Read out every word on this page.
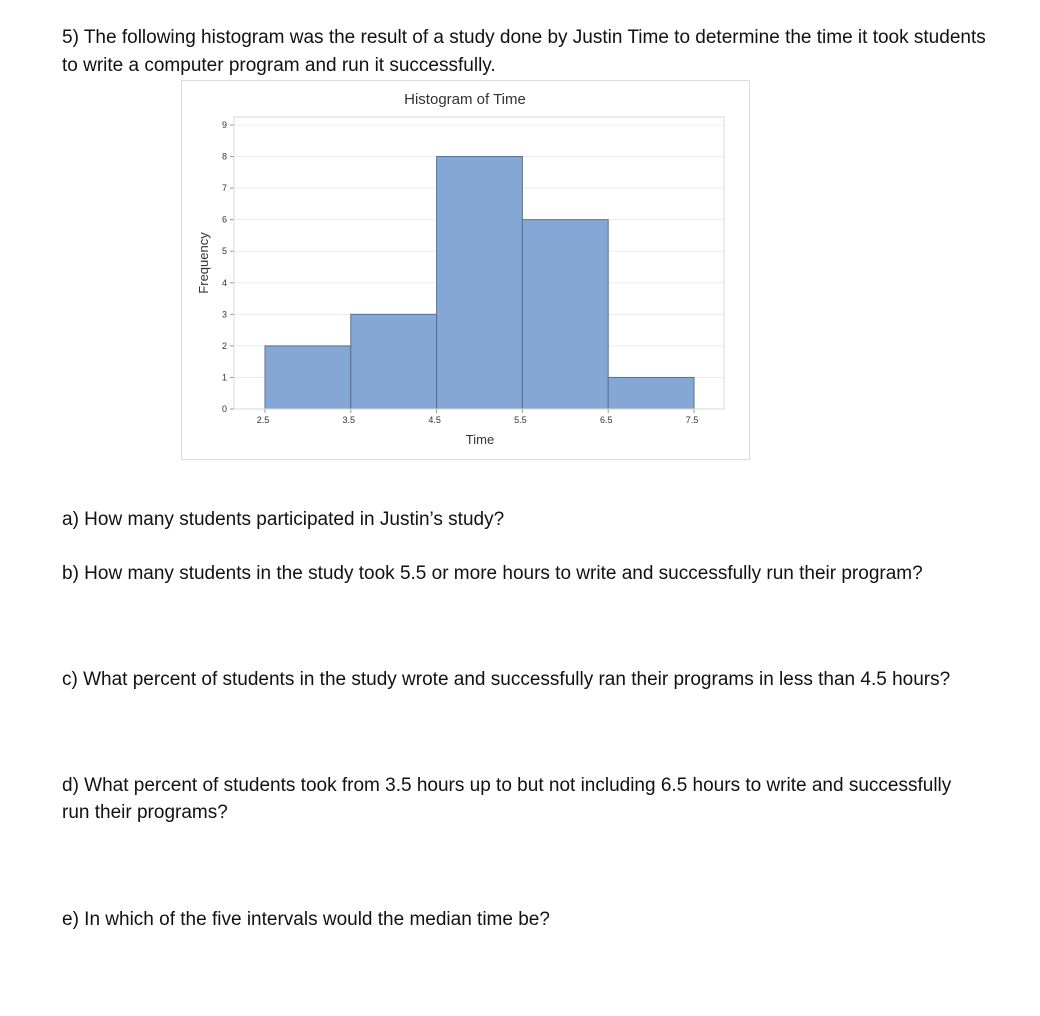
5) The following histogram was the result of a study done by Justin Time to determine the time it took students to write a computer program and run it successfully.

Histogram of Time
Frequency
Time
0
1
2
3
4
5
6
7
8
9
2.5	3.5	4.5	5.5	6.5	7.5

a) How many students participated in Justin’s study?

b) How many students in the study took 5.5 or more hours to write and successfully run their program?

c) What percent of students in the study wrote and successfully ran their programs in less than 4.5 hours?

d) What percent of students took from 3.5 hours up to but not including 6.5 hours to write and successfully run their programs?

e) In which of the five intervals would the median time be?
